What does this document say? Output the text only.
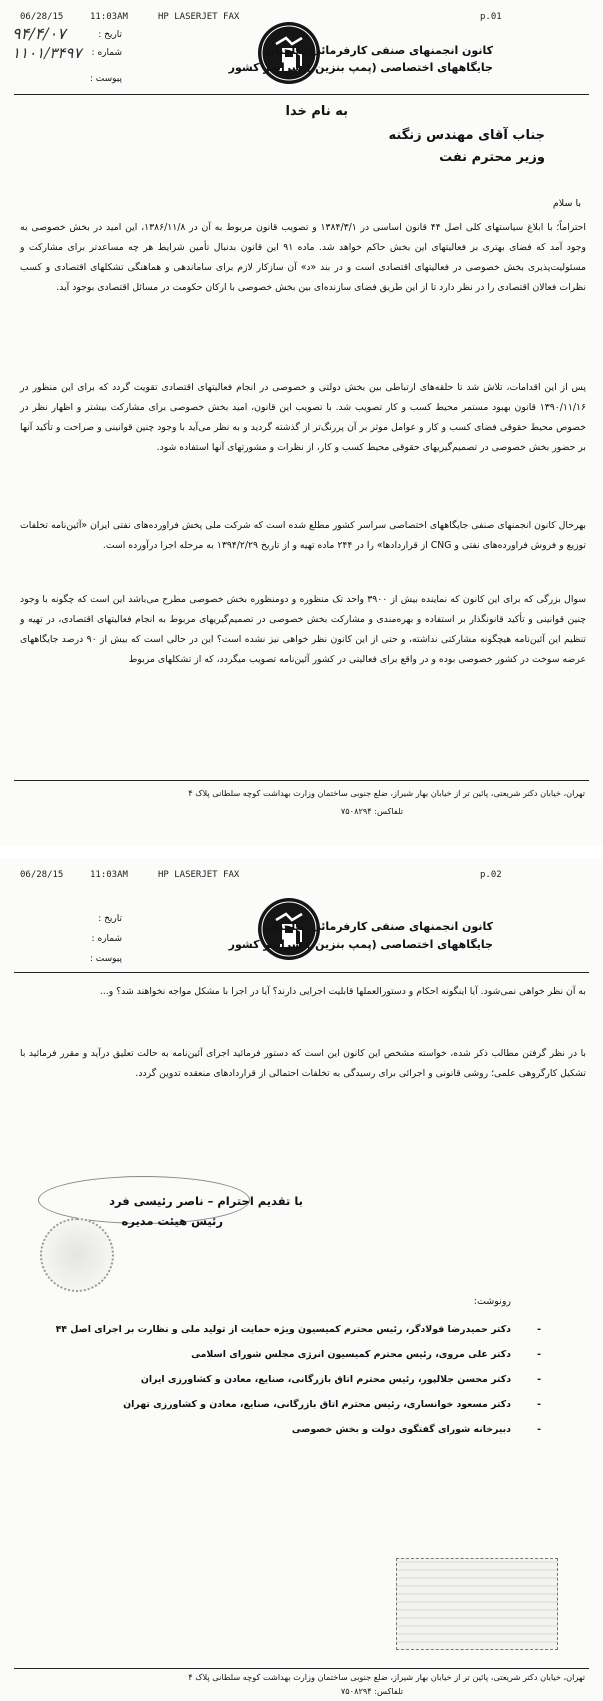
06/28/15	11:03AM	HP LASERJET FAX	p.01
۹۴/۴/۰۷
۱۱۰۱/۳۴۹۷
تاریخ :
شماره :
پیوست :
کانون انجمنهای صنفی کارفرمائی صاحبان
جایگاههای اختصاصی (پمپ بنزین ) سراسر کشور
به نام خدا
جناب آقای مهندس زنگنه
وزیر محترم نفت
با سلام
احتراماً؛ با ابلاغ سیاستهای کلی اصل ۴۴ قانون اساسی در ۱۳۸۴/۳/۱ و تصویب قانون مربوط به آن در ۱۳۸۶/۱۱/۸، این امید در بخش خصوصی به وجود آمد که فضای بهتری بر فعالیتهای این بخش حاکم خواهد شد. ماده ۹۱ این قانون بدنبال تأمین شرایط هر چه مساعدتر برای مشارکت و مسئولیت‌پذیری بخش خصوصی در فعالیتهای اقتصادی است و در بند «د» آن سازکار لازم برای ساماندهی و هماهنگی تشکلهای اقتصادی و کسب نظرات فعالان اقتصادی را در نظر دارد تا از این طریق فضای سازنده‌ای بین بخش خصوصی با ارکان حکومت در مسائل اقتصادی بوجود آید.
پس از این اقدامات، تلاش شد تا حلقه‌های ارتباطی بین بخش دولتی و خصوصی در انجام فعالیتهای اقتصادی تقویت گردد که برای این منظور در ۱۳۹۰/۱۱/۱۶ قانون بهبود مستمر محیط کسب و کار تصویب شد. با تصویب این قانون، امید بخش خصوصی برای مشارکت بیشتر و اظهار نظر در خصوص محیط حقوقی فضای کسب و کار و عوامل موثر بر آن پررنگ‌تر از گذشته گردید و به نظر می‌آید با وجود چنین قوانینی و صراحت و تأکید آنها بر حضور بخش خصوصی در تصمیم‌گیریهای حقوقی محیط کسب و کار، از نظرات و مشورتهای آنها استفاده شود.
بهرحال کانون انجمنهای صنفی جایگاههای اختصاصی سراسر کشور مطلع شده است که شرکت ملی پخش فراورده‌های نفتی ایران «آئین‌نامه تخلفات توزیع و فروش فراورده‌های نفتی و CNG از قراردادها» را در ۲۴۴ ماده تهیه و از تاریخ ۱۳۹۴/۲/۲۹ به مرحله اجرا درآورده است.
سوال بزرگی که برای این کانون که نماینده بیش از ۳۹۰۰ واحد تک منظوره و دومنظوره بخش خصوصی مطرح می‌باشد این است که چگونه با وجود چنین قوانینی و تأکید قانونگذار بر استفاده و بهره‌مندی و مشارکت بخش خصوصی در تصمیم‌گیریهای مربوط به انجام فعالیتهای اقتصادی، در تهیه و تنظیم این آئین‌نامه هیچگونه مشارکتی نداشته، و حتی از این کانون نظر خواهی نیز نشده است؟ این در حالی است که بیش از ۹۰ درصد جایگاههای عرضه سوخت در کشور خصوصی بوده و در واقع برای فعالیتی در کشور آئین‌نامه تصویب میگردد، که از تشکلهای مربوط
تهران، خیابان دکتر شریعتی، پائین تر از خیابان بهار شیراز، ضلع جنوبی ساختمان وزارت بهداشت کوچه سلطانی پلاک ۴
تلفاکس: ۷۵۰۸۲۹۴
06/28/15	11:03AM	HP LASERJET FAX	p.02
تاریخ :
شماره :
پیوست :
کانون انجمنهای صنفی کارفرمائی صاحبان
جایگاههای اختصاصی (پمپ بنزین ) سراسر کشور
به آن نظر خواهی نمی‌شود. آیا اینگونه احکام و دستورالعملها قابلیت اجرایی دارند؟ آیا در اجرا با مشکل مواجه نخواهند شد؟ و...
با در نظر گرفتن مطالب ذکر شده، خواسته مشخص این کانون این است که دستور فرمائید اجرای آئین‌نامه به حالت تعلیق درآید و مقرر فرمائید با تشکیل کارگروهی علمی؛ روشی قانونی و اجرائی برای رسیدگی به تخلفات احتمالی از قراردادهای منعقده تدوین گردد.
با تقدیم احترام – ناصر رئیسی فرد
رئیس هیئت مدیره
رونوشت:
-
دکتر حمیدرضا فولادگر، رئیس محترم کمیسیون ویژه حمایت از تولید ملی و نظارت بر اجرای اصل ۴۴
-
دکتر علی مروی، رئیس محترم کمیسیون انرژی مجلس شورای اسلامی
-
دکتر محسن جلالپور، رئیس محترم اتاق بازرگانی، صنایع، معادن و کشاورزی ایران
-
دکتر مسعود خوانساری، رئیس محترم اتاق بازرگانی، صنایع، معادن و کشاورزی تهران
-
دبیرخانه شورای گفتگوی دولت و بخش خصوصی
تهران، خیابان دکتر شریعتی، پائین تر از خیابان بهار شیراز، ضلع جنوبی ساختمان وزارت بهداشت کوچه سلطانی پلاک ۴
تلفاکس: ۷۵۰۸۲۹۴
